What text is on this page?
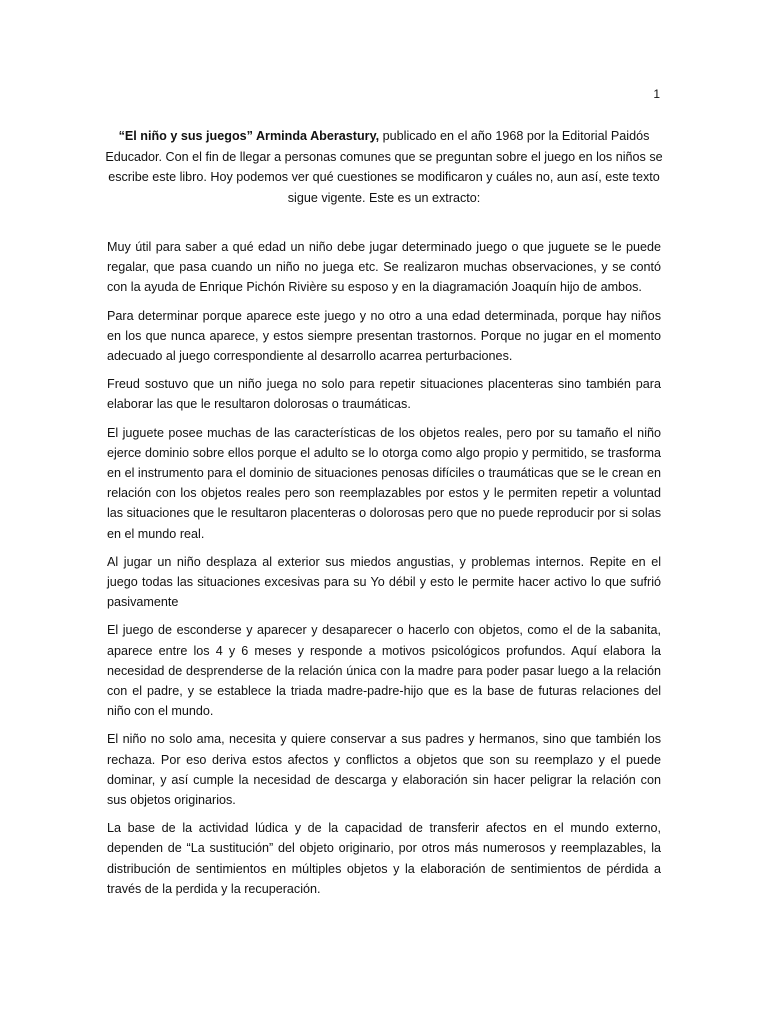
1
“El niño y sus juegos” Arminda Aberastury, publicado en el año 1968 por la Editorial Paidós Educador. Con el fin de llegar a personas comunes que se preguntan sobre el juego en los niños se escribe este libro. Hoy podemos ver qué cuestiones se modificaron y cuáles no, aun así, este texto sigue vigente. Este es un extracto:

Muy útil para saber a qué edad un niño debe jugar determinado juego o que juguete se le puede regalar, que pasa cuando un niño no juega etc. Se realizaron muchas observaciones, y se contó con la ayuda de Enrique Pichón Rivière su esposo y en la diagramación Joaquín hijo de ambos.

Para determinar porque aparece este juego y no otro a una edad determinada, porque hay niños en los que nunca aparece, y estos siempre presentan trastornos. Porque no jugar en el momento adecuado al juego correspondiente al desarrollo acarrea perturbaciones.

Freud sostuvo que un niño juega no solo para repetir situaciones placenteras sino también para elaborar las que le resultaron dolorosas o traumáticas.

El juguete posee muchas de las características de los objetos reales, pero por su tamaño el niño ejerce dominio sobre ellos porque el adulto se lo otorga como algo propio y permitido, se trasforma en el instrumento para el dominio de situaciones penosas difíciles o traumáticas que se le crean en relación con los objetos reales pero son reemplazables por estos y le permiten repetir a voluntad las situaciones que le resultaron placenteras o dolorosas pero que no puede reproducir por si solas en el mundo real.

Al jugar un niño desplaza al exterior sus miedos angustias, y problemas internos. Repite en el juego todas las situaciones excesivas para su Yo débil y esto le permite hacer activo lo que sufrió pasivamente

El juego de esconderse y aparecer y desaparecer o hacerlo con objetos, como el de la sabanita, aparece entre los 4 y 6 meses y responde a motivos psicológicos profundos. Aquí elabora la necesidad de desprenderse de la relación única con la madre para poder pasar luego a la relación con el padre, y se establece la triada madre-padre-hijo que es la base de futuras relaciones del niño con el mundo.

El niño no solo ama, necesita y quiere conservar a sus padres y hermanos, sino que también los rechaza. Por eso deriva estos afectos y conflictos a objetos que son su reemplazo y el puede dominar, y así cumple la necesidad de descarga y elaboración sin hacer peligrar la relación con sus objetos originarios.

La base de la actividad lúdica y de la capacidad de transferir afectos en el mundo externo, dependen de “La sustitución” del objeto originario, por otros más numerosos y reemplazables, la distribución de sentimientos en múltiples objetos y la elaboración de sentimientos de pérdida a través de la perdida y la recuperación.
